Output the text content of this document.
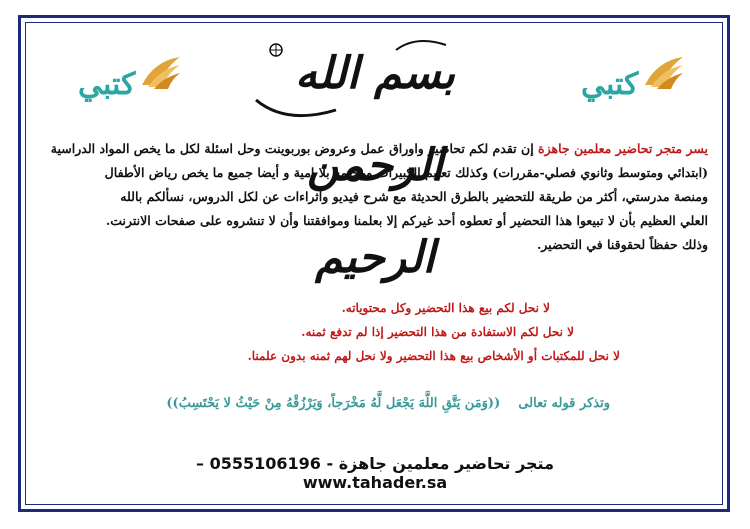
كتبي	كتبي
بسم الله الرحمن الرحيم
يسر متجر تحاضير معلمين جاهزة إن تقدم لكم تحاضير واوراق عمل وعروض بوربوينت وحل اسئلة لكل ما يخص المواد الدراسية
(ابتدائي ومتوسط وثانوي فصلي-مقررات) وكذلك تعليم الكبيرات ومجتمع بلا امية و أيضا جميع ما يخص رياض الأطفال
ومنصة مدرستي، أكثر من طريقة للتحضير بالطرق الحديثة مع شرح فيديو واثراءات عن لكل الدروس، نسألكم بالله
العلي العظيم بأن لا تبيعوا هذا التحضير أو تعطوه أحد غيركم إلا بعلمنا وموافقتنا وأن لا تنشروه على صفحات الانترنت.
وذلك حفظاً لحقوقنا في التحضير.
لا نحل لكم بيع هذا التحضير وكل محتوياته.
لا نحل لكم الاستفادة من هذا التحضير إذا لم تدفع ثمنه.
لا نحل للمكتبات أو الأشخاص بيع هذا التحضير ولا نحل لهم ثمنه بدون علمنا.
وتذكر قوله تعالى    ((وَمَن يَتَّقِ اللَّهَ يَجْعَل لَّهُ مَخْرَجاً، وَيَرْزُقْهُ مِنْ حَيْثُ لا يَحْتَسِبُ))
متجر تحاضير معلمين جاهزة - 0555106196 – www.tahader.sa
